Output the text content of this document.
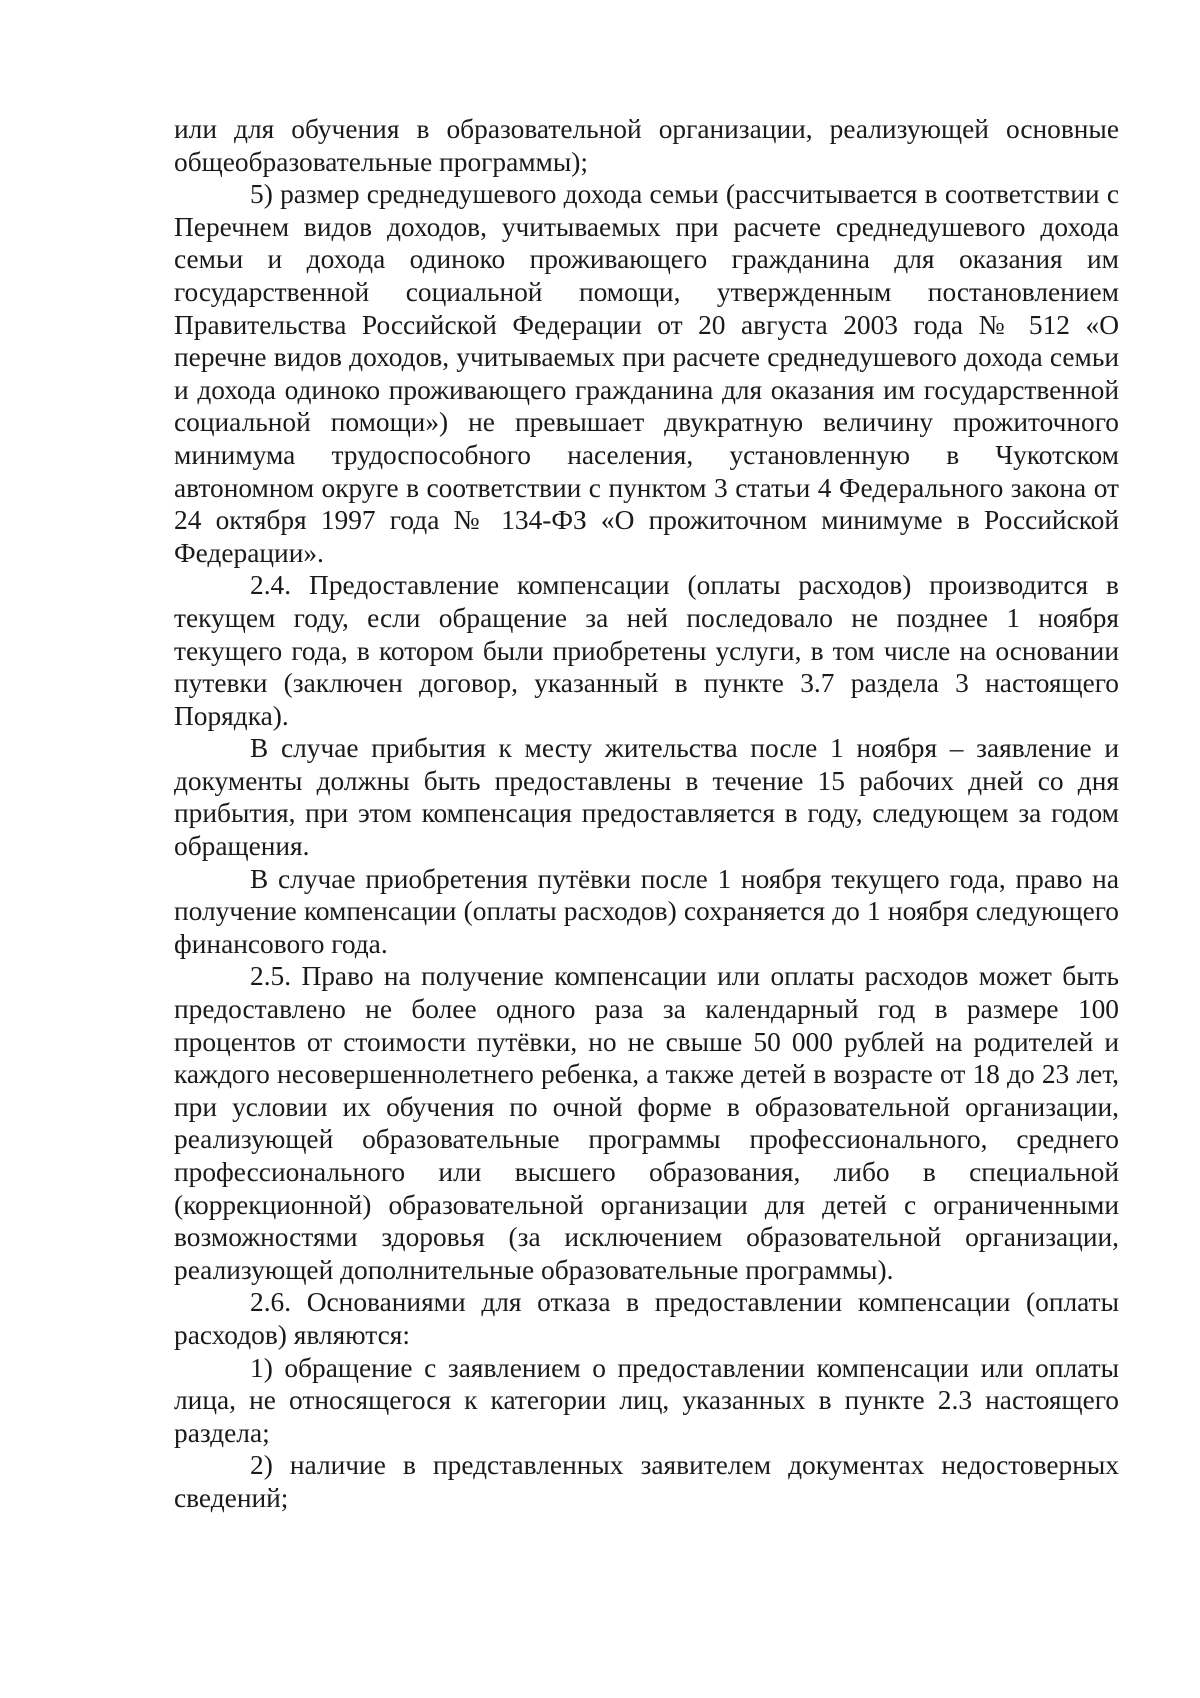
или для обучения в образовательной организации, реализующей основные общеобразовательные программы);

5) размер среднедушевого дохода семьи (рассчитывается в соответствии с Перечнем видов доходов, учитываемых при расчете среднедушевого дохода семьи и дохода одиноко проживающего гражданина для оказания им государственной социальной помощи, утвержденным постановлением Правительства Российской Федерации от 20 августа 2003 года № 512 «О перечне видов доходов, учитываемых при расчете среднедушевого дохода семьи и дохода одиноко проживающего гражданина для оказания им государственной социальной помощи») не превышает двукратную величину прожиточного минимума трудоспособного населения, установленную в Чукотском автономном округе в соответствии с пунктом 3 статьи 4 Федерального закона от 24 октября 1997 года № 134-ФЗ «О прожиточном минимуме в Российской Федерации».

2.4. Предоставление компенсации (оплаты расходов) производится в текущем году, если обращение за ней последовало не позднее 1 ноября текущего года, в котором были приобретены услуги, в том числе на основании путевки (заключен договор, указанный в пункте 3.7 раздела 3 настоящего Порядка).

В случае прибытия к месту жительства после 1 ноября – заявление и документы должны быть предоставлены в течение 15 рабочих дней со дня прибытия, при этом компенсация предоставляется в году, следующем за годом обращения.

В случае приобретения путёвки после 1 ноября текущего года, право на получение компенсации (оплаты расходов) сохраняется до 1 ноября следующего финансового года.

2.5. Право на получение компенсации или оплаты расходов может быть предоставлено не более одного раза за календарный год в размере 100 процентов от стоимости путёвки, но не свыше 50 000 рублей на родителей и каждого несовершеннолетнего ребенка, а также детей в возрасте от 18 до 23 лет, при условии их обучения по очной форме в образовательной организации, реализующей образовательные программы профессионального, среднего профессионального или высшего образования, либо в специальной (коррекционной) образовательной организации для детей с ограниченными возможностями здоровья (за исключением образовательной организации, реализующей дополнительные образовательные программы).

2.6. Основаниями для отказа в предоставлении компенсации (оплаты расходов) являются:

1) обращение с заявлением о предоставлении компенсации или оплаты лица, не относящегося к категории лиц, указанных в пункте 2.3 настоящего раздела;

2) наличие в представленных заявителем документах недостоверных сведений;
